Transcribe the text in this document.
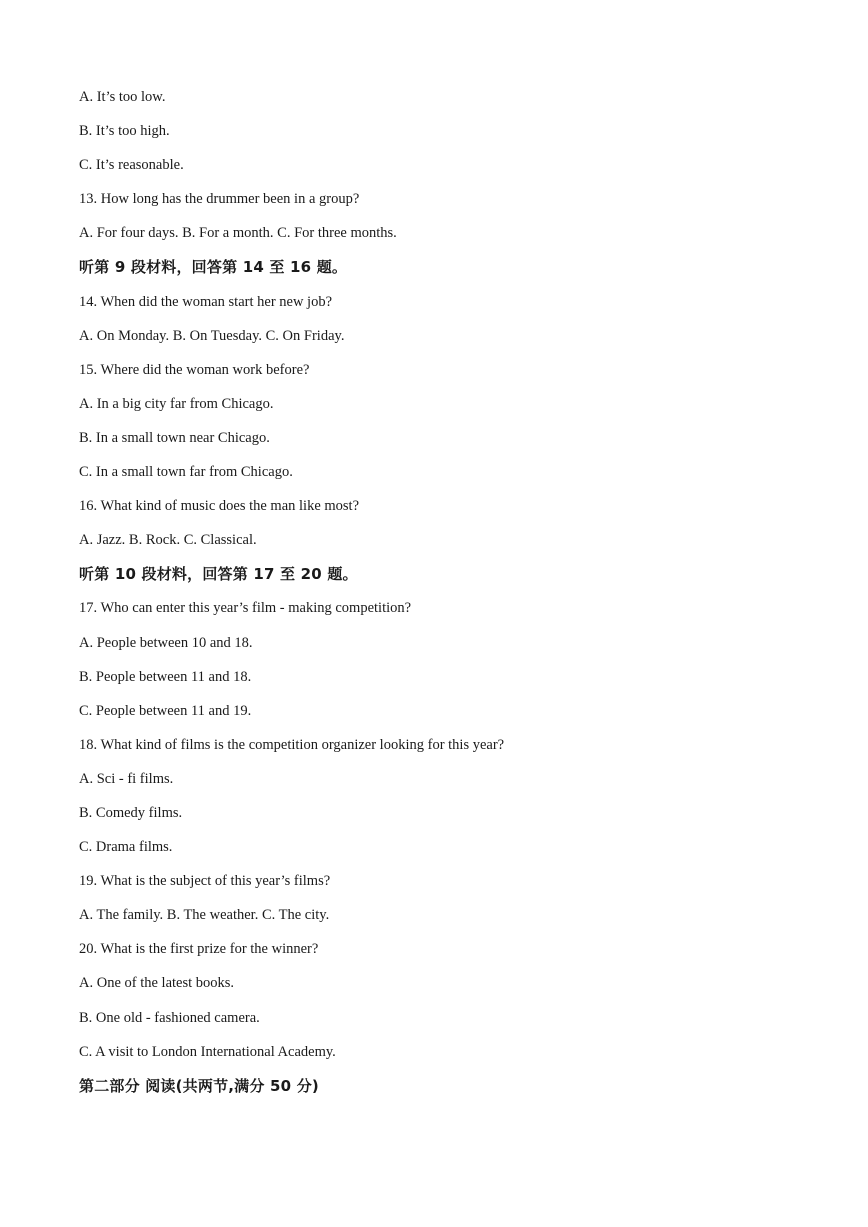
A. It’s too low.
B. It’s too high.
C. It’s reasonable.
13. How long has the drummer been in a group?
A. For four days. B. For a month. C. For three months.
听第 9 段材料，回答第 14 至 16 题。
14. When did the woman start her new job?
A. On Monday. B. On Tuesday. C. On Friday.
15. Where did the woman work before?
A. In a big city far from Chicago.
B. In a small town near Chicago.
C. In a small town far from Chicago.
16. What kind of music does the man like most?
A. Jazz. B. Rock. C. Classical.
听第 10 段材料，回答第 17 至 20 题。
17. Who can enter this year’s film - making competition?
A. People between 10 and 18.
B. People between 11 and 18.
C. People between 11 and 19.
18. What kind of films is the competition organizer looking for this year?
A. Sci - fi films.
B. Comedy films.
C. Drama films.
19. What is the subject of this year’s films?
A. The family. B. The weather. C. The city.
20. What is the first prize for the winner?
A. One of the latest books.
B. One old - fashioned camera.
C. A visit to London International Academy.
第二部分 阅读(共两节,满分 50 分)
